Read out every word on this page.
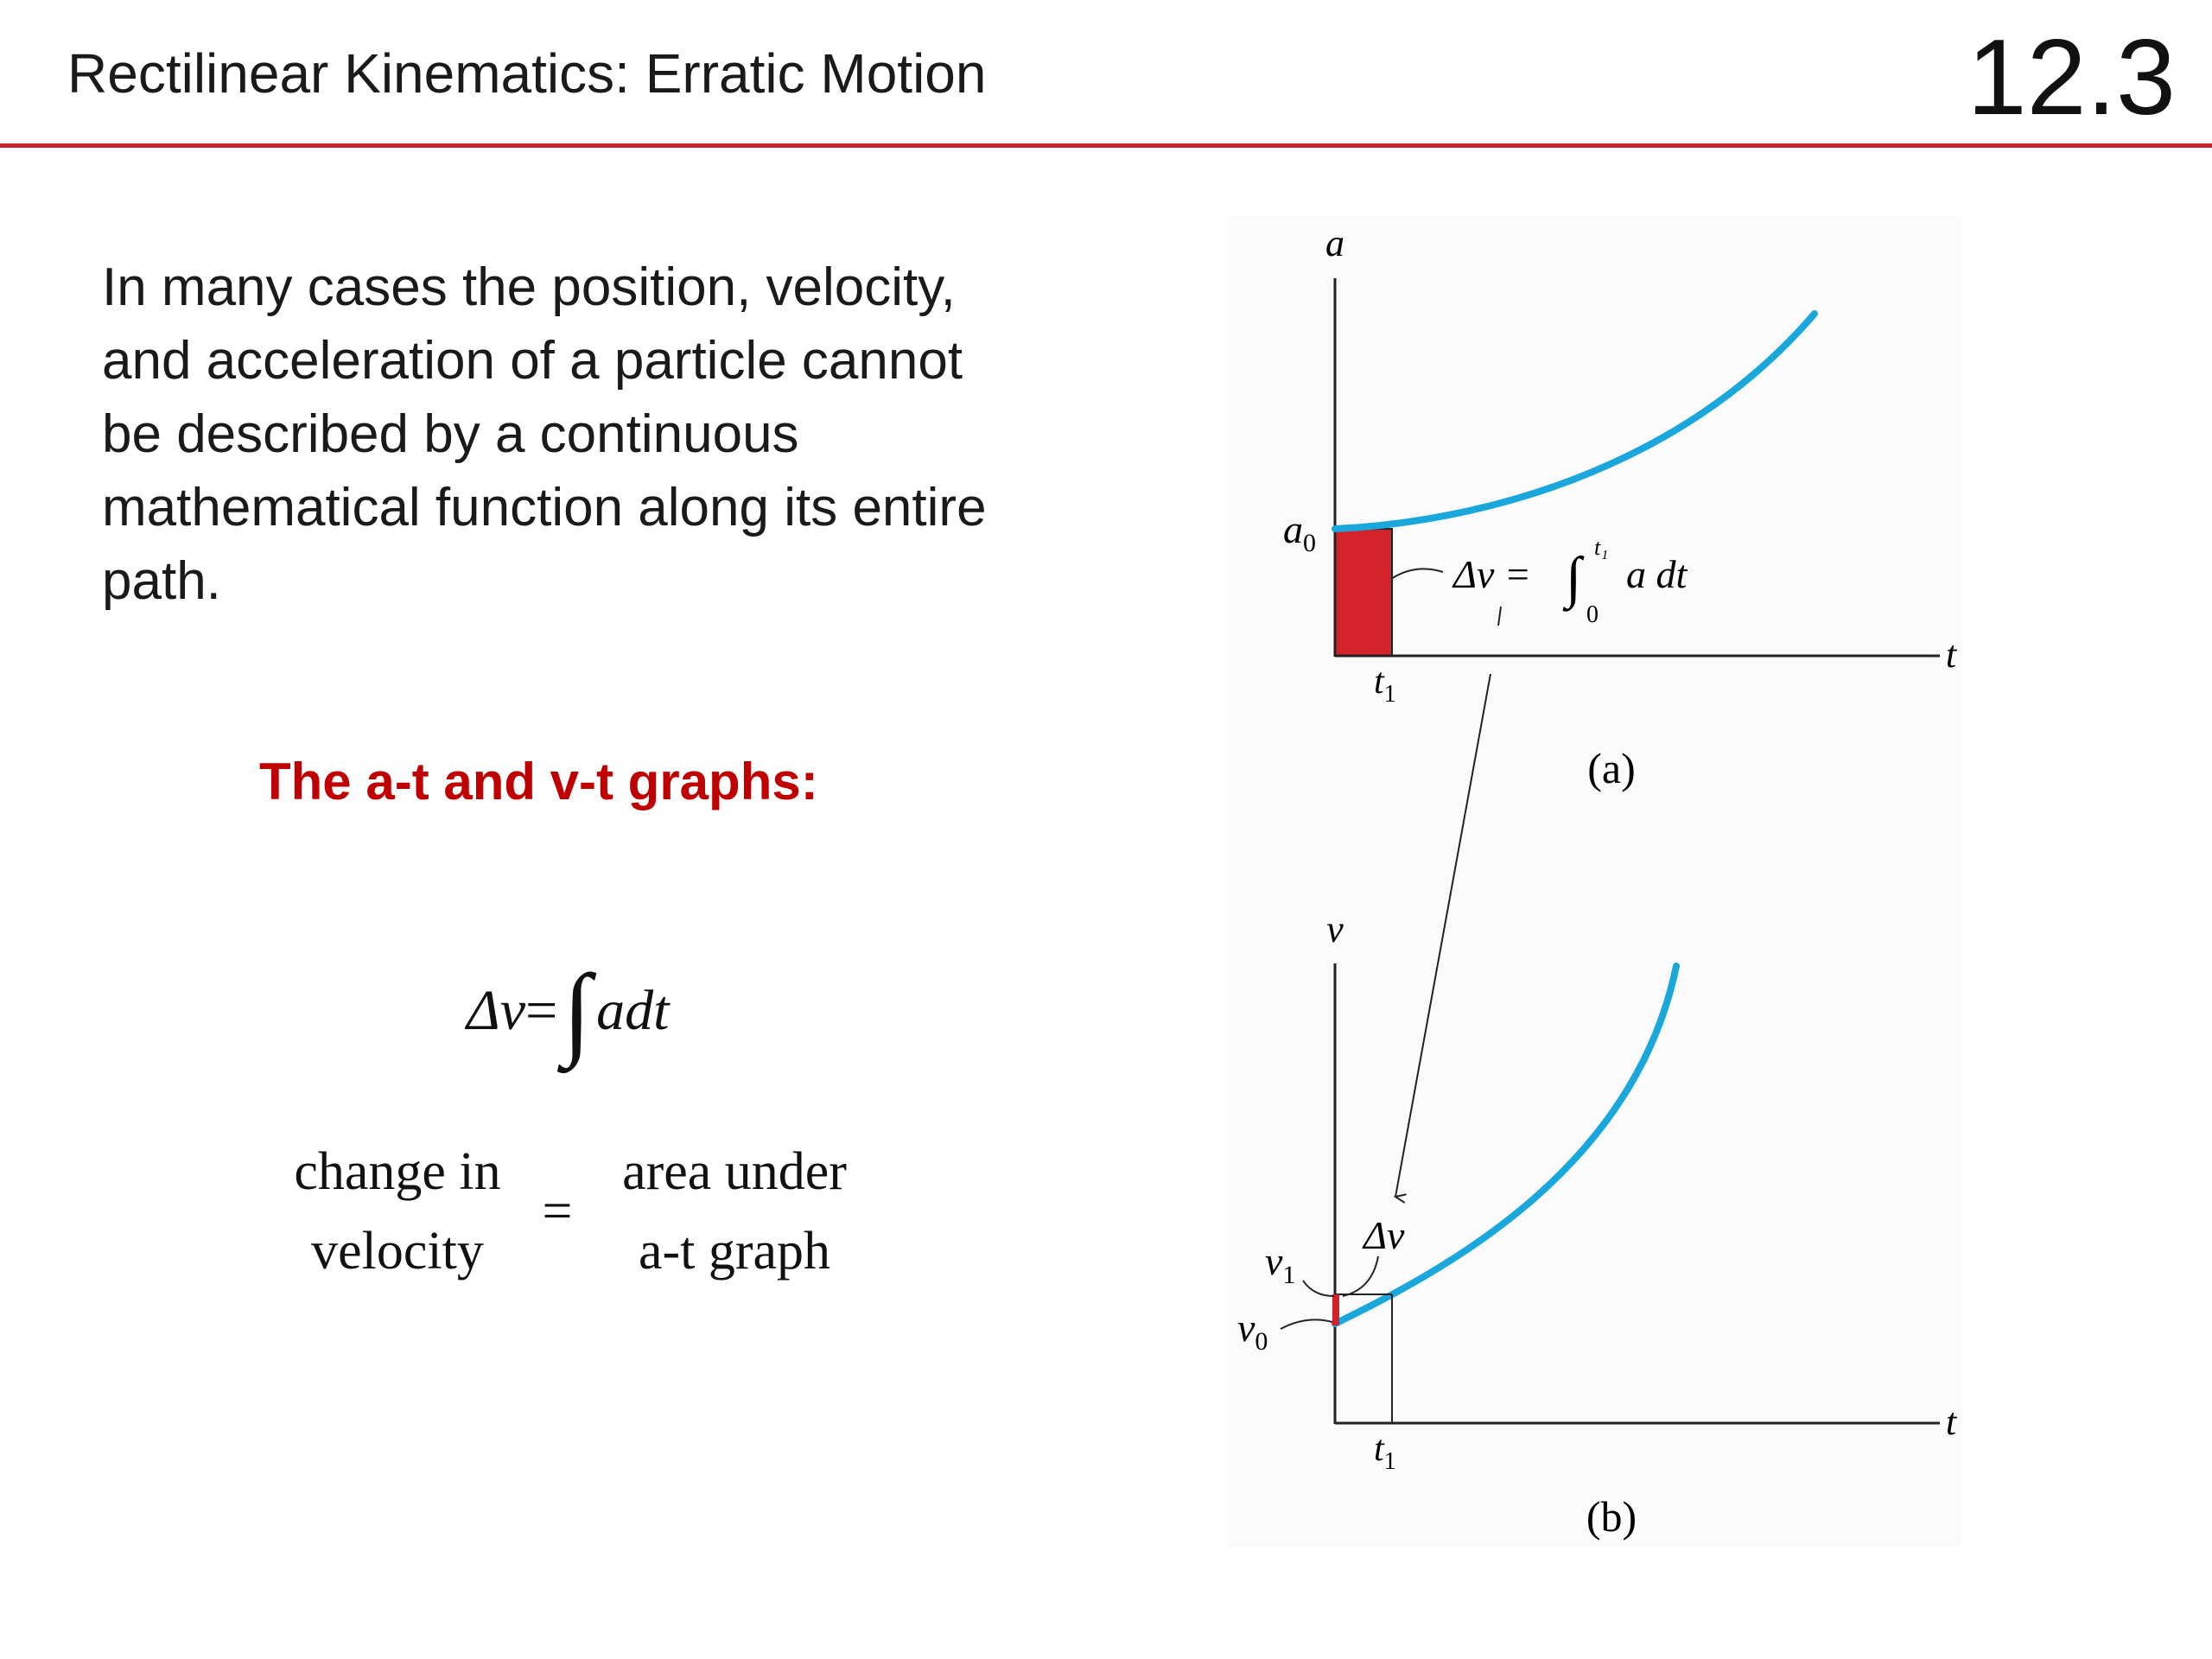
Rectilinear Kinematics: Erratic Motion	12.3
In many cases the position, velocity, and acceleration of a particle cannot be described by a continuous mathematical function along its entire path.
The a-t and v-t graphs:
Δv = ∫ adt
change in
velocity
=
area under
a-t graph
a
t
$a_0$
$t_1$
Δv = ∫ t₁
0
a dt
(a)
v
t
$v_1$
$v_0$
Δv
$t_1$
(b)
